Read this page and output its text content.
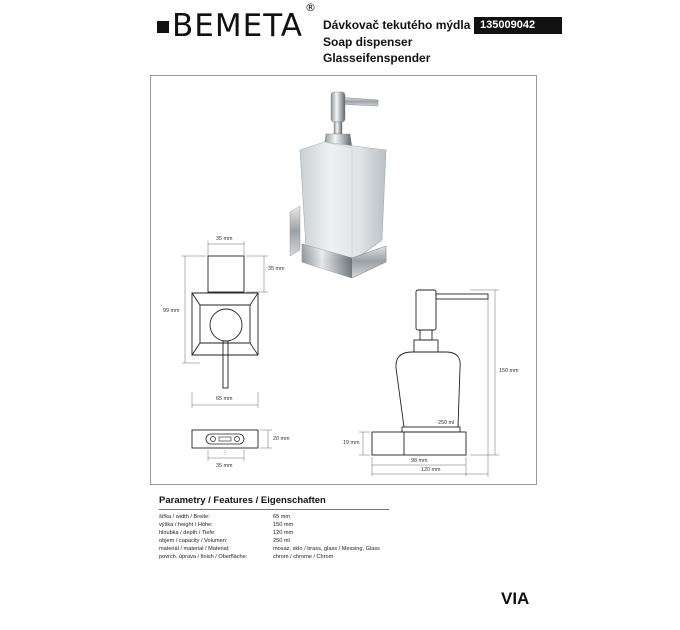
BEMETA®
Dávkovač tekutého mýdla
Soap dispenser
Glasseifenspender
135009042
35 mm
35 mm
99 mm
65 mm
20 mm
35 mm
150 mm
250 ml
19 mm
98 mm
120 mm
Parametry / Features / Eigenschaften
šířka / width / Breite:	65 mm
výška / height / Höhe:	150 mm
hloubka / depth / Tiefe:	120 mm
objem / capacity / Volumen:	250 ml
materiál / material / Material:	mosaz, sklo / brass, glass / Messing, Glass
povrch. úprava / finish / Oberfläche:	chrom / chrome / Chrom
VIA
